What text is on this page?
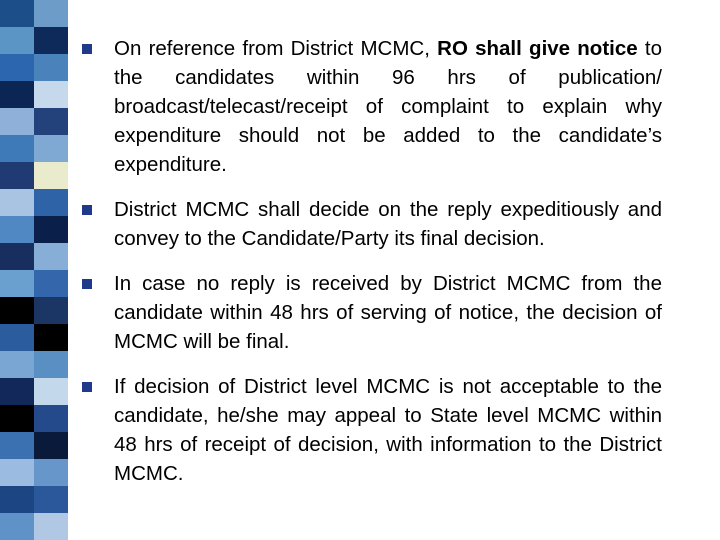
On reference from District MCMC, RO shall give notice to the candidates within 96 hrs of publication/ broadcast/telecast/receipt of complaint to explain why expenditure should not be added to the candidate’s expenditure.
District MCMC shall decide on the reply expeditiously and convey to the Candidate/Party its final decision.
In case no reply is received by District MCMC from the candidate within 48 hrs of serving of notice, the decision of MCMC will be final.
If decision of District level MCMC is not acceptable to the candidate, he/she may appeal to State level MCMC within 48 hrs of receipt of decision, with information to the District MCMC.
